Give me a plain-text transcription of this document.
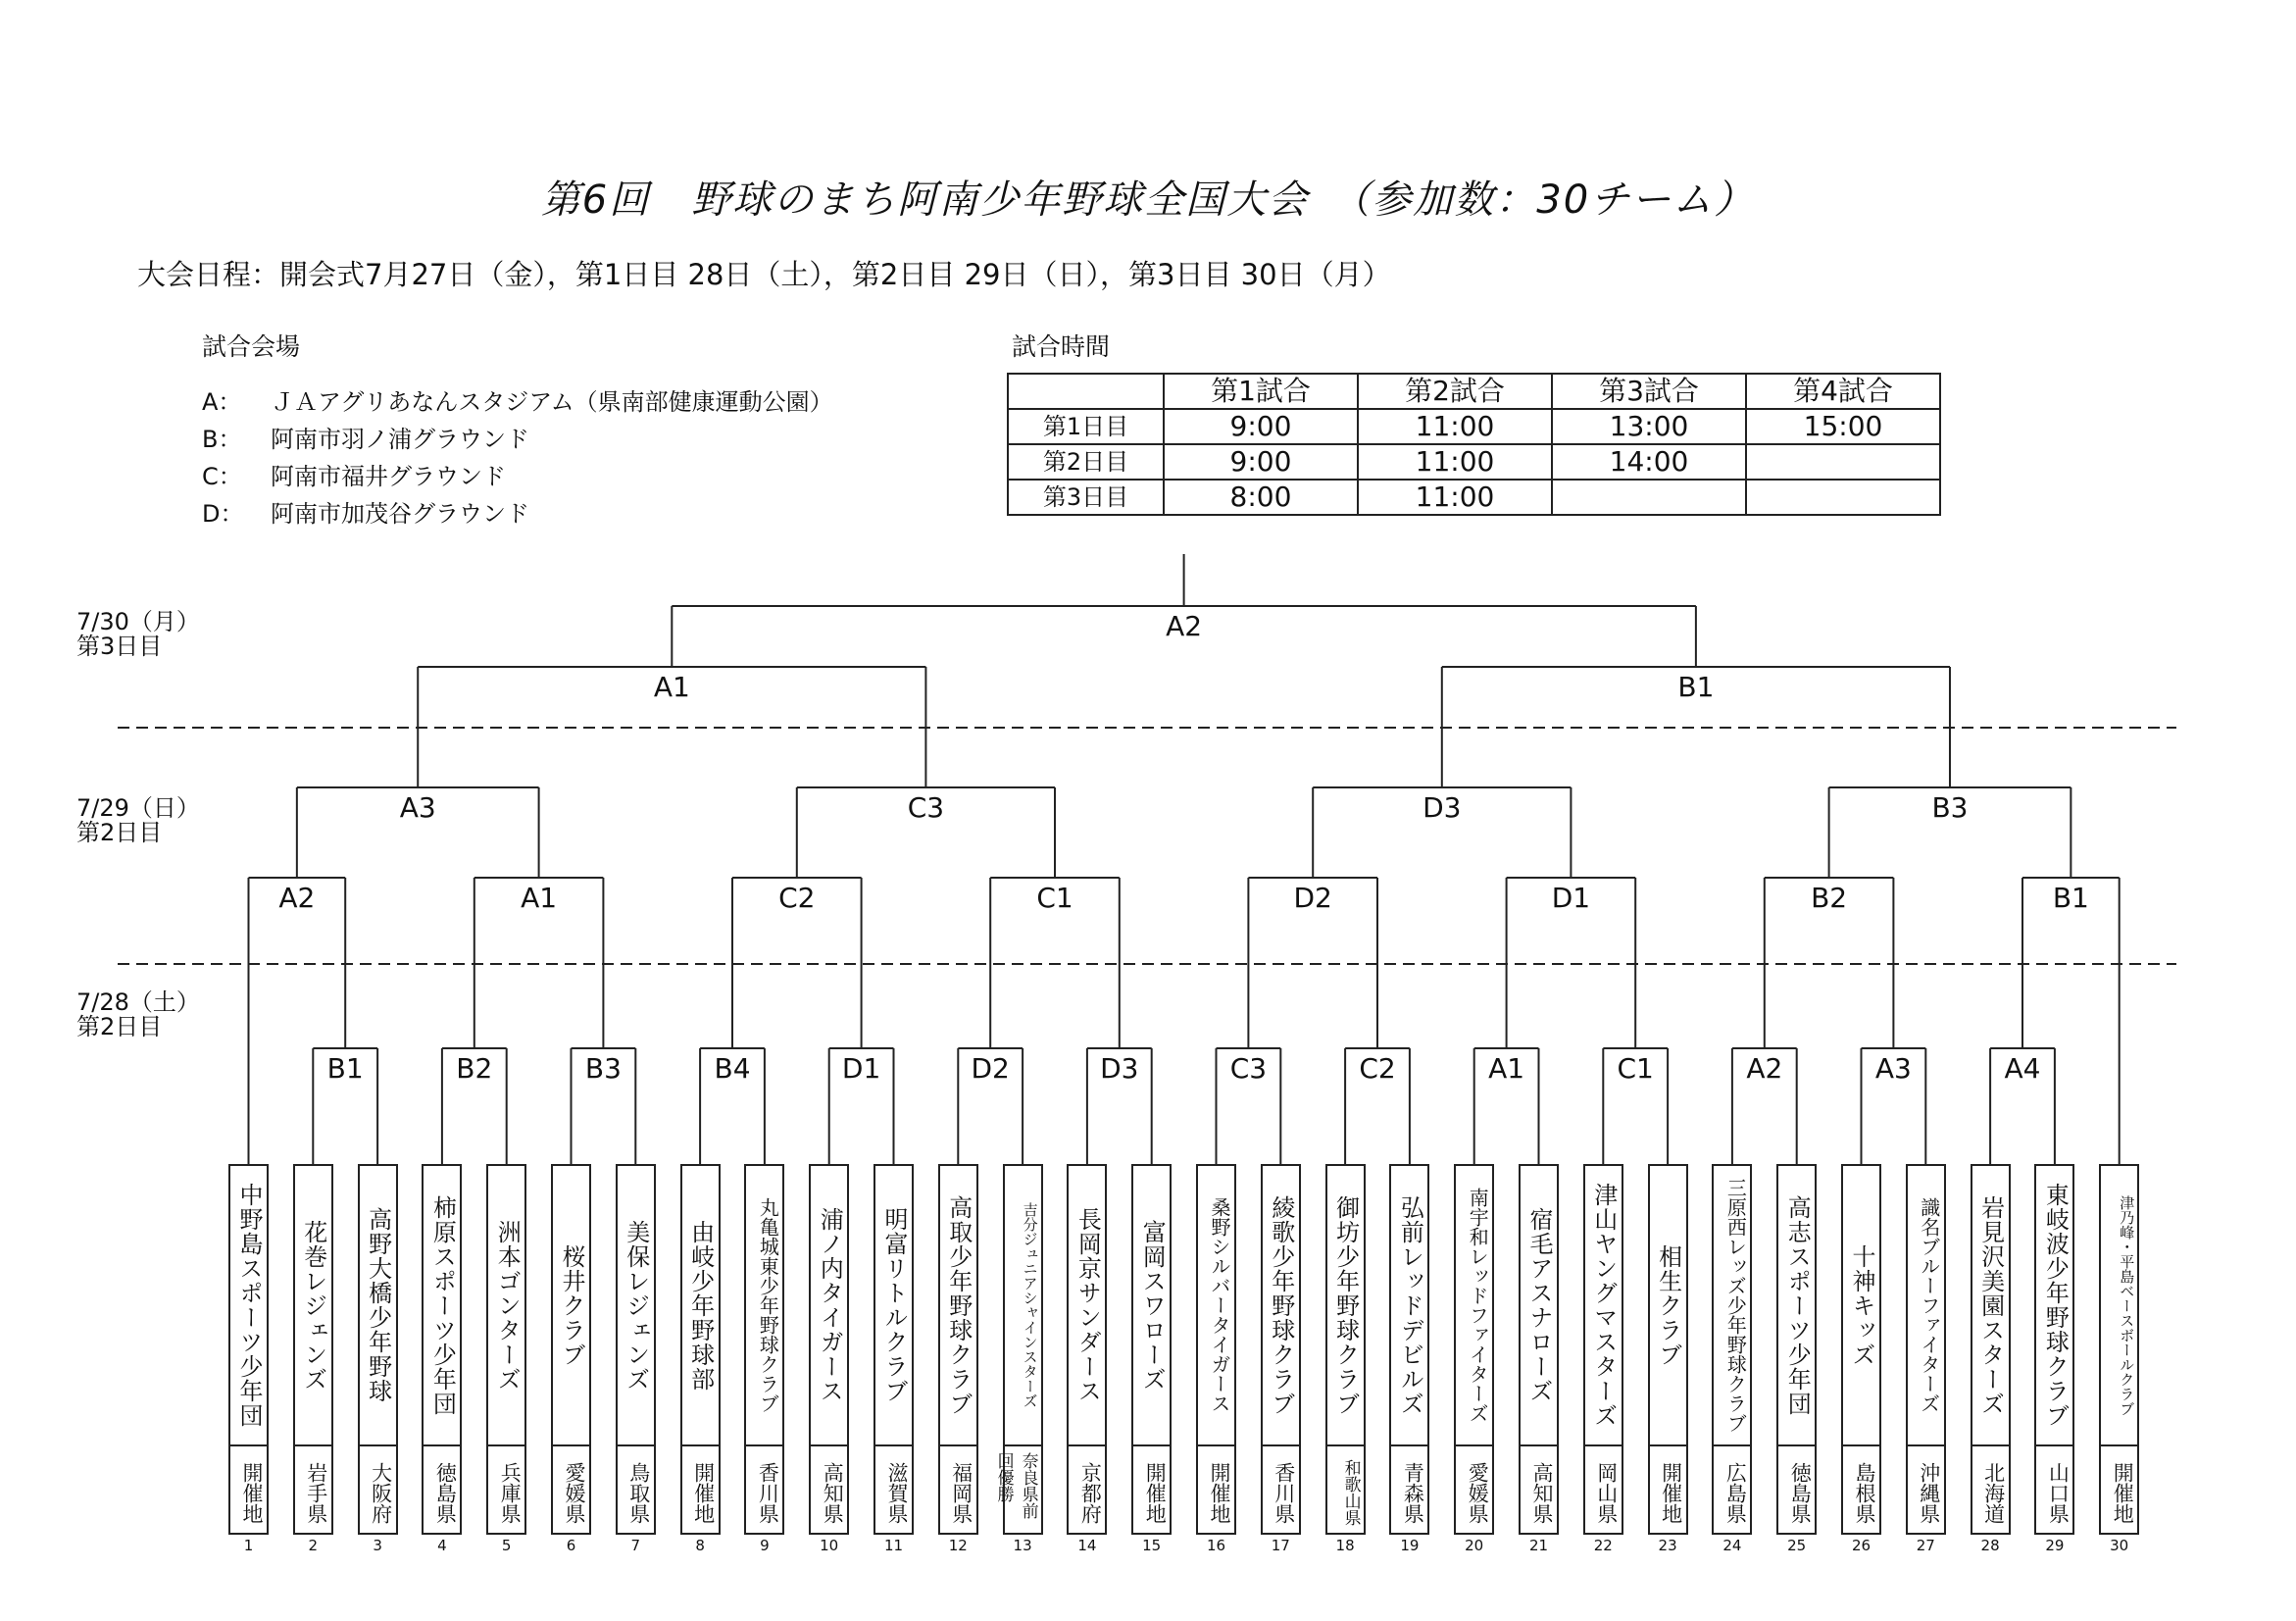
第6回　野球のまち阿南少年野球全国大会　（参加数：30チーム）
大会日程：開会式7月27日（金），第1日目 28日（土），第2日目 29日（日），第3日目 30日（月）
試合会場
A： ＪＡアグリあなんスタジアム（県南部健康運動公園）
B： 阿南市羽ノ浦グラウンド
C： 阿南市福井グラウンド
D： 阿南市加茂谷グラウンド
試合時間
	第1試合	第2試合	第3試合	第4試合
第1日目	9:00	11:00	13:00	15:00
第2日目	9:00	11:00	14:00	
第3日目	8:00	11:00		
7/30（月）
第3日目
7/29（日）
第2日目
7/28（土）
第2日目
B1	B2	B3	B4	D1	D2	D3	C3	C2	A1	C1	A2	A3	A4
A2	A1	C2	C1	D2	D1	B2	B1
A3	C3	D3	B3
A1	B1
A2
中野島スポーツ少年団
開催地
1
花巻レジェンズ
岩手県
2
高野大橋少年野球
大阪府
3
柿原スポーツ少年団
徳島県
4
洲本ゴンターズ
兵庫県
5
桜井クラブ
愛媛県
6
美保レジェンズ
鳥取県
7
由岐少年野球部
開催地
8
丸亀城東少年野球クラブ
香川県
9
浦ノ内タイガース
高知県
10
明富リトルクラブ
滋賀県
11
高取少年野球クラブ
福岡県
12
吉分ジュニアシャインスターズ
奈良県前回優勝
13
長岡京サンダース
京都府
14
富岡スワローズ
開催地
15
桑野シルバータイガース
開催地
16
綾歌少年野球クラブ
香川県
17
御坊少年野球クラブ
和歌山県
18
弘前レッドデビルズ
青森県
19
南宇和レッドファイターズ
愛媛県
20
宿毛アスナローズ
高知県
21
津山ヤングマスターズ
岡山県
22
相生クラブ
開催地
23
三原西レッズ少年野球クラブ
広島県
24
高志スポーツ少年団
徳島県
25
十神キッズ
島根県
26
識名ブルーファイターズ
沖縄県
27
岩見沢美園スターズ
北海道
28
東岐波少年野球クラブ
山口県
29
津乃峰・平島ベースボールクラブ
開催地
30
